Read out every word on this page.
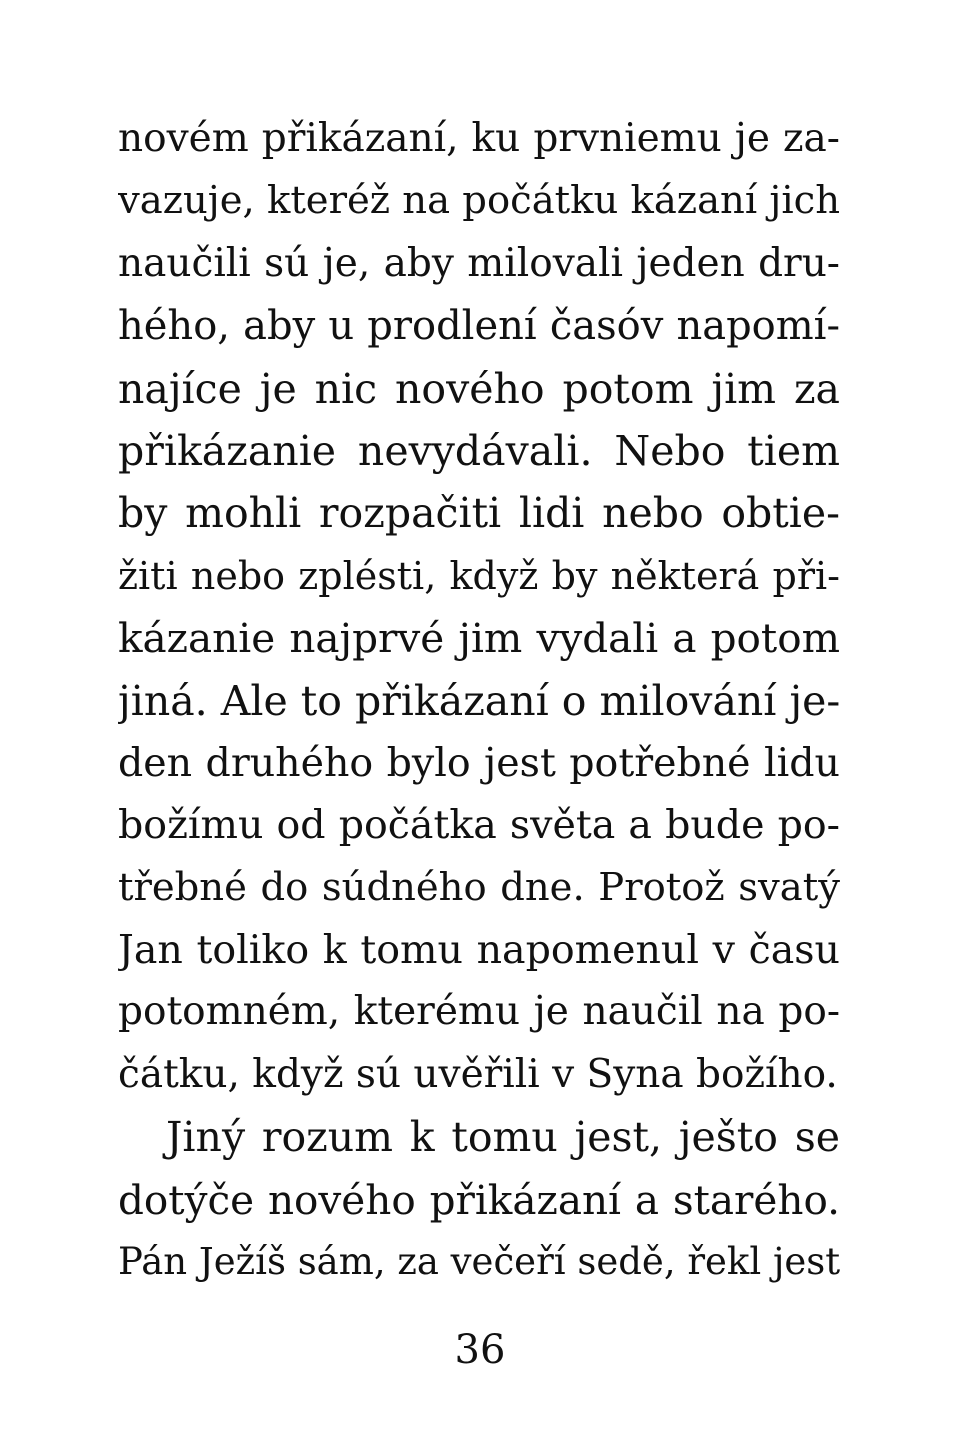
novém přikázaní, ku prvniemu je za-
vazuje, kteréž na počátku kázaní jich
naučili sú je, aby milovali jeden dru-
hého, aby u prodlení časóv napomí-
najíce je nic nového potom jim za
přikázanie nevydávali. Nebo tiem
by mohli rozpačiti lidi nebo obtie-
žiti nebo zplésti, když by některá při-
kázanie najprvé jim vydali a potom
jiná. Ale to přikázaní o milování je-
den druhého bylo jest potřebné lidu
božímu od počátka světa a bude po-
třebné do súdného dne. Protož svatý
Jan toliko k tomu napomenul v času
potomném, kterému je naučil na po-
čátku, když sú uvěřili v Syna božího.
Jiný rozum k tomu jest, ješto se
dotýče nového přikázaní a starého.
Pán Ježíš sám, za večeří sedě, řekl jest
36
